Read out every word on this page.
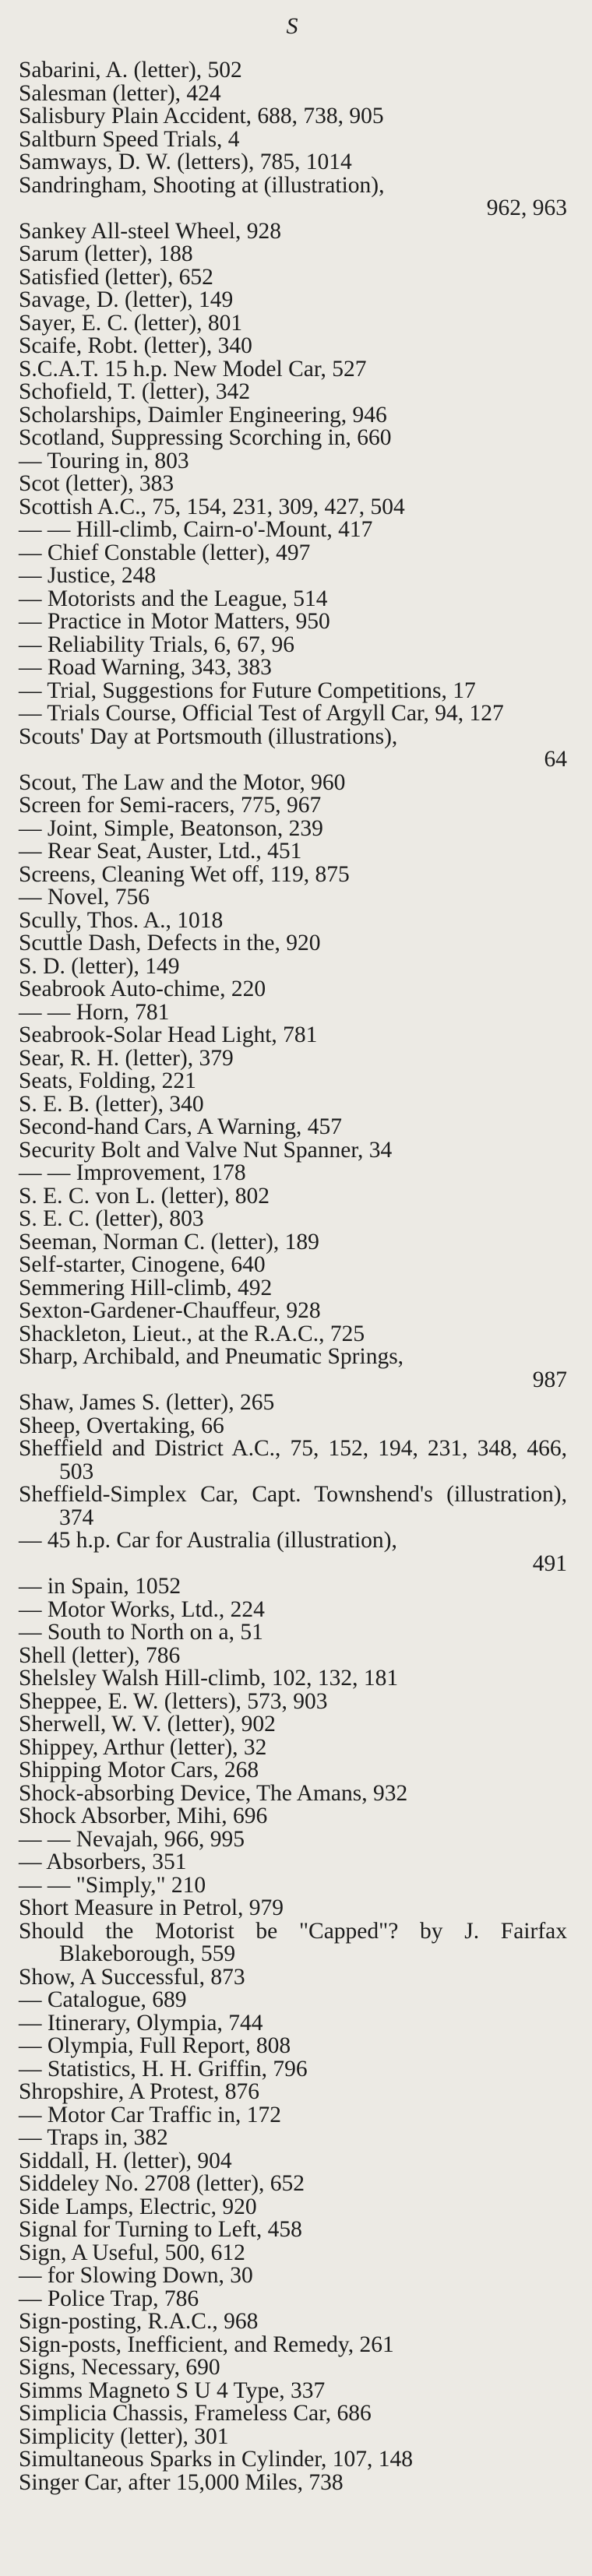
S
Sabarini, A. (letter), 502
Salesman (letter), 424
Salisbury Plain Accident, 688, 738, 905
Saltburn Speed Trials, 4
Samways, D. W. (letters), 785, 1014
Sandringham, Shooting at (illustration),
962, 963
Sankey All-steel Wheel, 928
Sarum (letter), 188
Satisfied (letter), 652
Savage, D. (letter), 149
Sayer, E. C. (letter), 801
Scaife, Robt. (letter), 340
S.C.A.T. 15 h.p. New Model Car, 527
Schofield, T. (letter), 342
Scholarships, Daimler Engineering, 946
Scotland, Suppressing Scorching in, 660
— Touring in, 803
Scot (letter), 383
Scottish A.C., 75, 154, 231, 309, 427, 504
— — Hill-climb, Cairn-o'-Mount, 417
— Chief Constable (letter), 497
— Justice, 248
— Motorists and the League, 514
— Practice in Motor Matters, 950
— Reliability Trials, 6, 67, 96
— Road Warning, 343, 383
— Trial, Suggestions for Future Competitions, 17
— Trials Course, Official Test of Argyll Car, 94, 127
Scouts' Day at Portsmouth (illustrations),
64
Scout, The Law and the Motor, 960
Screen for Semi-racers, 775, 967
— Joint, Simple, Beatonson, 239
— Rear Seat, Auster, Ltd., 451
Screens, Cleaning Wet off, 119, 875
— Novel, 756
Scully, Thos. A., 1018
Scuttle Dash, Defects in the, 920
S. D. (letter), 149
Seabrook Auto-chime, 220
— — Horn, 781
Seabrook-Solar Head Light, 781
Sear, R. H. (letter), 379
Seats, Folding, 221
S. E. B. (letter), 340
Second-hand Cars, A Warning, 457
Security Bolt and Valve Nut Spanner, 34
— — Improvement, 178
S. E. C. von L. (letter), 802
S. E. C. (letter), 803
Seeman, Norman C. (letter), 189
Self-starter, Cinogene, 640
Semmering Hill-climb, 492
Sexton-Gardener-Chauffeur, 928
Shackleton, Lieut., at the R.A.C., 725
Sharp, Archibald, and Pneumatic Springs,
987
Shaw, James S. (letter), 265
Sheep, Overtaking, 66
Sheffield and District A.C., 75, 152, 194, 231, 348, 466, 503
Sheffield-Simplex Car, Capt. Townshend's (illustration), 374
— 45 h.p. Car for Australia (illustration),
491
— in Spain, 1052
— Motor Works, Ltd., 224
— South to North on a, 51
Shell (letter), 786
Shelsley Walsh Hill-climb, 102, 132, 181
Sheppee, E. W. (letters), 573, 903
Sherwell, W. V. (letter), 902
Shippey, Arthur (letter), 32
Shipping Motor Cars, 268
Shock-absorbing Device, The Amans, 932
Shock Absorber, Mihi, 696
— — Nevajah, 966, 995
— Absorbers, 351
— — "Simply," 210
Short Measure in Petrol, 979
Should the Motorist be "Capped"? by J. Fairfax Blakeborough, 559
Show, A Successful, 873
— Catalogue, 689
— Itinerary, Olympia, 744
— Olympia, Full Report, 808
— Statistics, H. H. Griffin, 796
Shropshire, A Protest, 876
— Motor Car Traffic in, 172
— Traps in, 382
Siddall, H. (letter), 904
Siddeley No. 2708 (letter), 652
Side Lamps, Electric, 920
Signal for Turning to Left, 458
Sign, A Useful, 500, 612
— for Slowing Down, 30
— Police Trap, 786
Sign-posting, R.A.C., 968
Sign-posts, Inefficient, and Remedy, 261
Signs, Necessary, 690
Simms Magneto S U 4 Type, 337
Simplicia Chassis, Frameless Car, 686
Simplicity (letter), 301
Simultaneous Sparks in Cylinder, 107, 148
Singer Car, after 15,000 Miles, 738
